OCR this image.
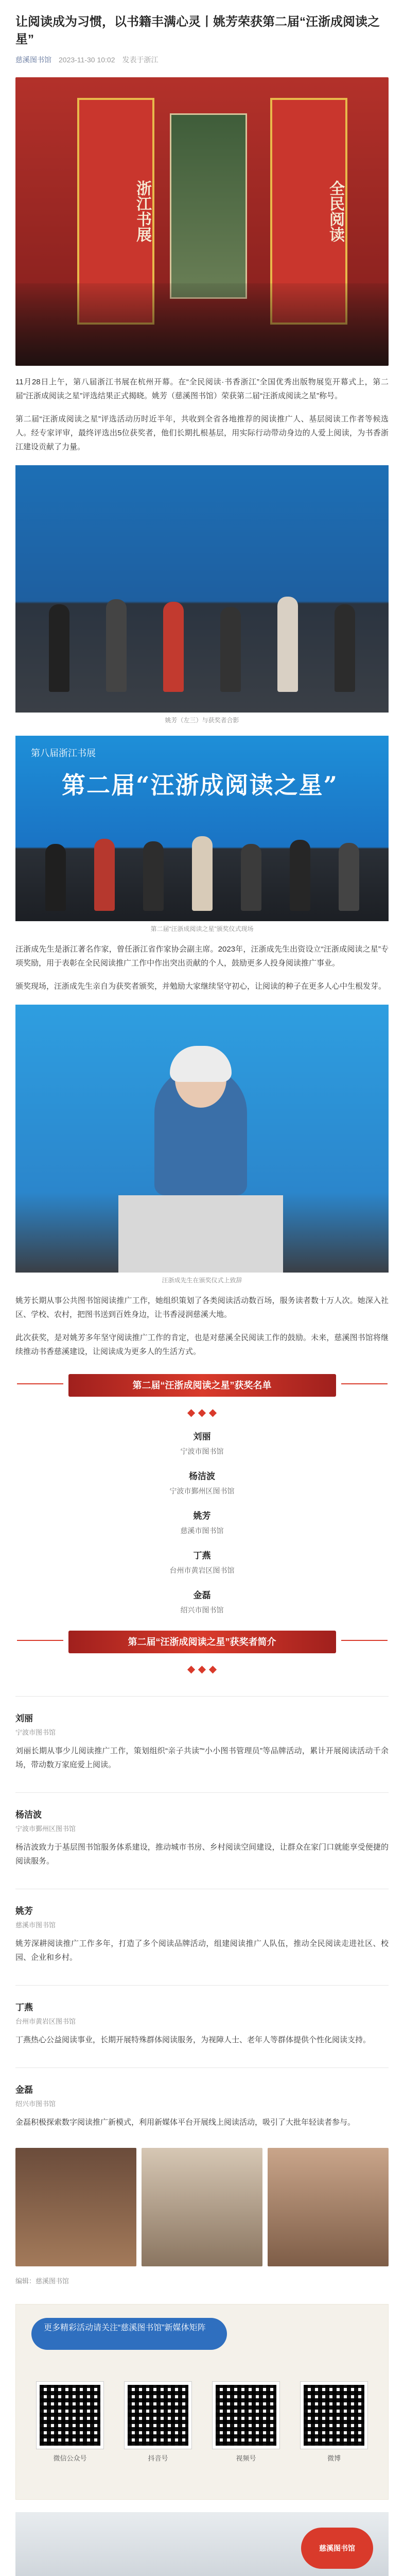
让阅读成为习惯，以书籍丰满心灵丨姚芳荣获第二届“汪浙成阅读之星”
慈溪图书馆 2023-11-30 10:02 发表于浙江
浙江书展	全民阅读

11月28日上午，第八届浙江书展在杭州开幕。在“全民阅读·书香浙江”全国优秀出版物展览开幕式上，第二届“汪浙成阅读之星”评选结果正式揭晓。姚芳（慈溪图书馆）荣获第二届“汪浙成阅读之星”称号。

第二届“汪浙成阅读之星”评选活动历时近半年，共收到全省各地推荐的阅读推广人、基层阅读工作者等候选人。经专家评审，最终评选出5位获奖者，他们长期扎根基层，用实际行动带动身边的人爱上阅读，为书香浙江建设贡献了力量。

姚芳（左三）与获奖者合影
第八届浙江书展
第二届“汪浙成阅读之星”
第二届“汪浙成阅读之星”颁奖仪式现场

汪浙成先生是浙江著名作家，曾任浙江省作家协会副主席。2023年，汪浙成先生出资设立“汪浙成阅读之星”专项奖励，用于表彰在全民阅读推广工作中作出突出贡献的个人，鼓励更多人投身阅读推广事业。

颁奖现场，汪浙成先生亲自为获奖者颁奖，并勉励大家继续坚守初心，让阅读的种子在更多人心中生根发芽。

汪浙成先生在颁奖仪式上致辞

姚芳长期从事公共图书馆阅读推广工作，她组织策划了各类阅读活动数百场，服务读者数十万人次。她深入社区、学校、农村，把图书送到百姓身边，让书香浸润慈溪大地。

此次获奖，是对姚芳多年坚守阅读推广工作的肯定，也是对慈溪全民阅读工作的鼓励。未来，慈溪图书馆将继续推动书香慈溪建设，让阅读成为更多人的生活方式。

第二届“汪浙成阅读之星”获奖名单
◆ ◆ ◆
刘丽
宁波市图书馆
杨洁波
宁波市鄞州区图书馆
姚芳
慈溪市图书馆
丁燕
台州市黄岩区图书馆
金磊
绍兴市图书馆
第二届“汪浙成阅读之星”获奖者简介
◆ ◆ ◆
刘丽
宁波市图书馆

刘丽长期从事少儿阅读推广工作，策划组织“亲子共读”“小小图书管理员”等品牌活动，累计开展阅读活动千余场，带动数万家庭爱上阅读。

杨洁波
宁波市鄞州区图书馆

杨洁波致力于基层图书馆服务体系建设，推动城市书房、乡村阅读空间建设，让群众在家门口就能享受便捷的阅读服务。

姚芳
慈溪市图书馆

姚芳深耕阅读推广工作多年，打造了多个阅读品牌活动，组建阅读推广人队伍，推动全民阅读走进社区、校园、企业和乡村。

丁燕
台州市黄岩区图书馆

丁燕热心公益阅读事业，长期开展特殊群体阅读服务，为视障人士、老年人等群体提供个性化阅读支持。

金磊
绍兴市图书馆

金磊积极探索数字阅读推广新模式，利用新媒体平台开展线上阅读活动，吸引了大批年轻读者参与。

编辑：慈溪图书馆
更多精彩活动请关注“慈溪图书馆”新媒体矩阵
微信公众号	抖音号	视频号	微博
慈溪图书馆
